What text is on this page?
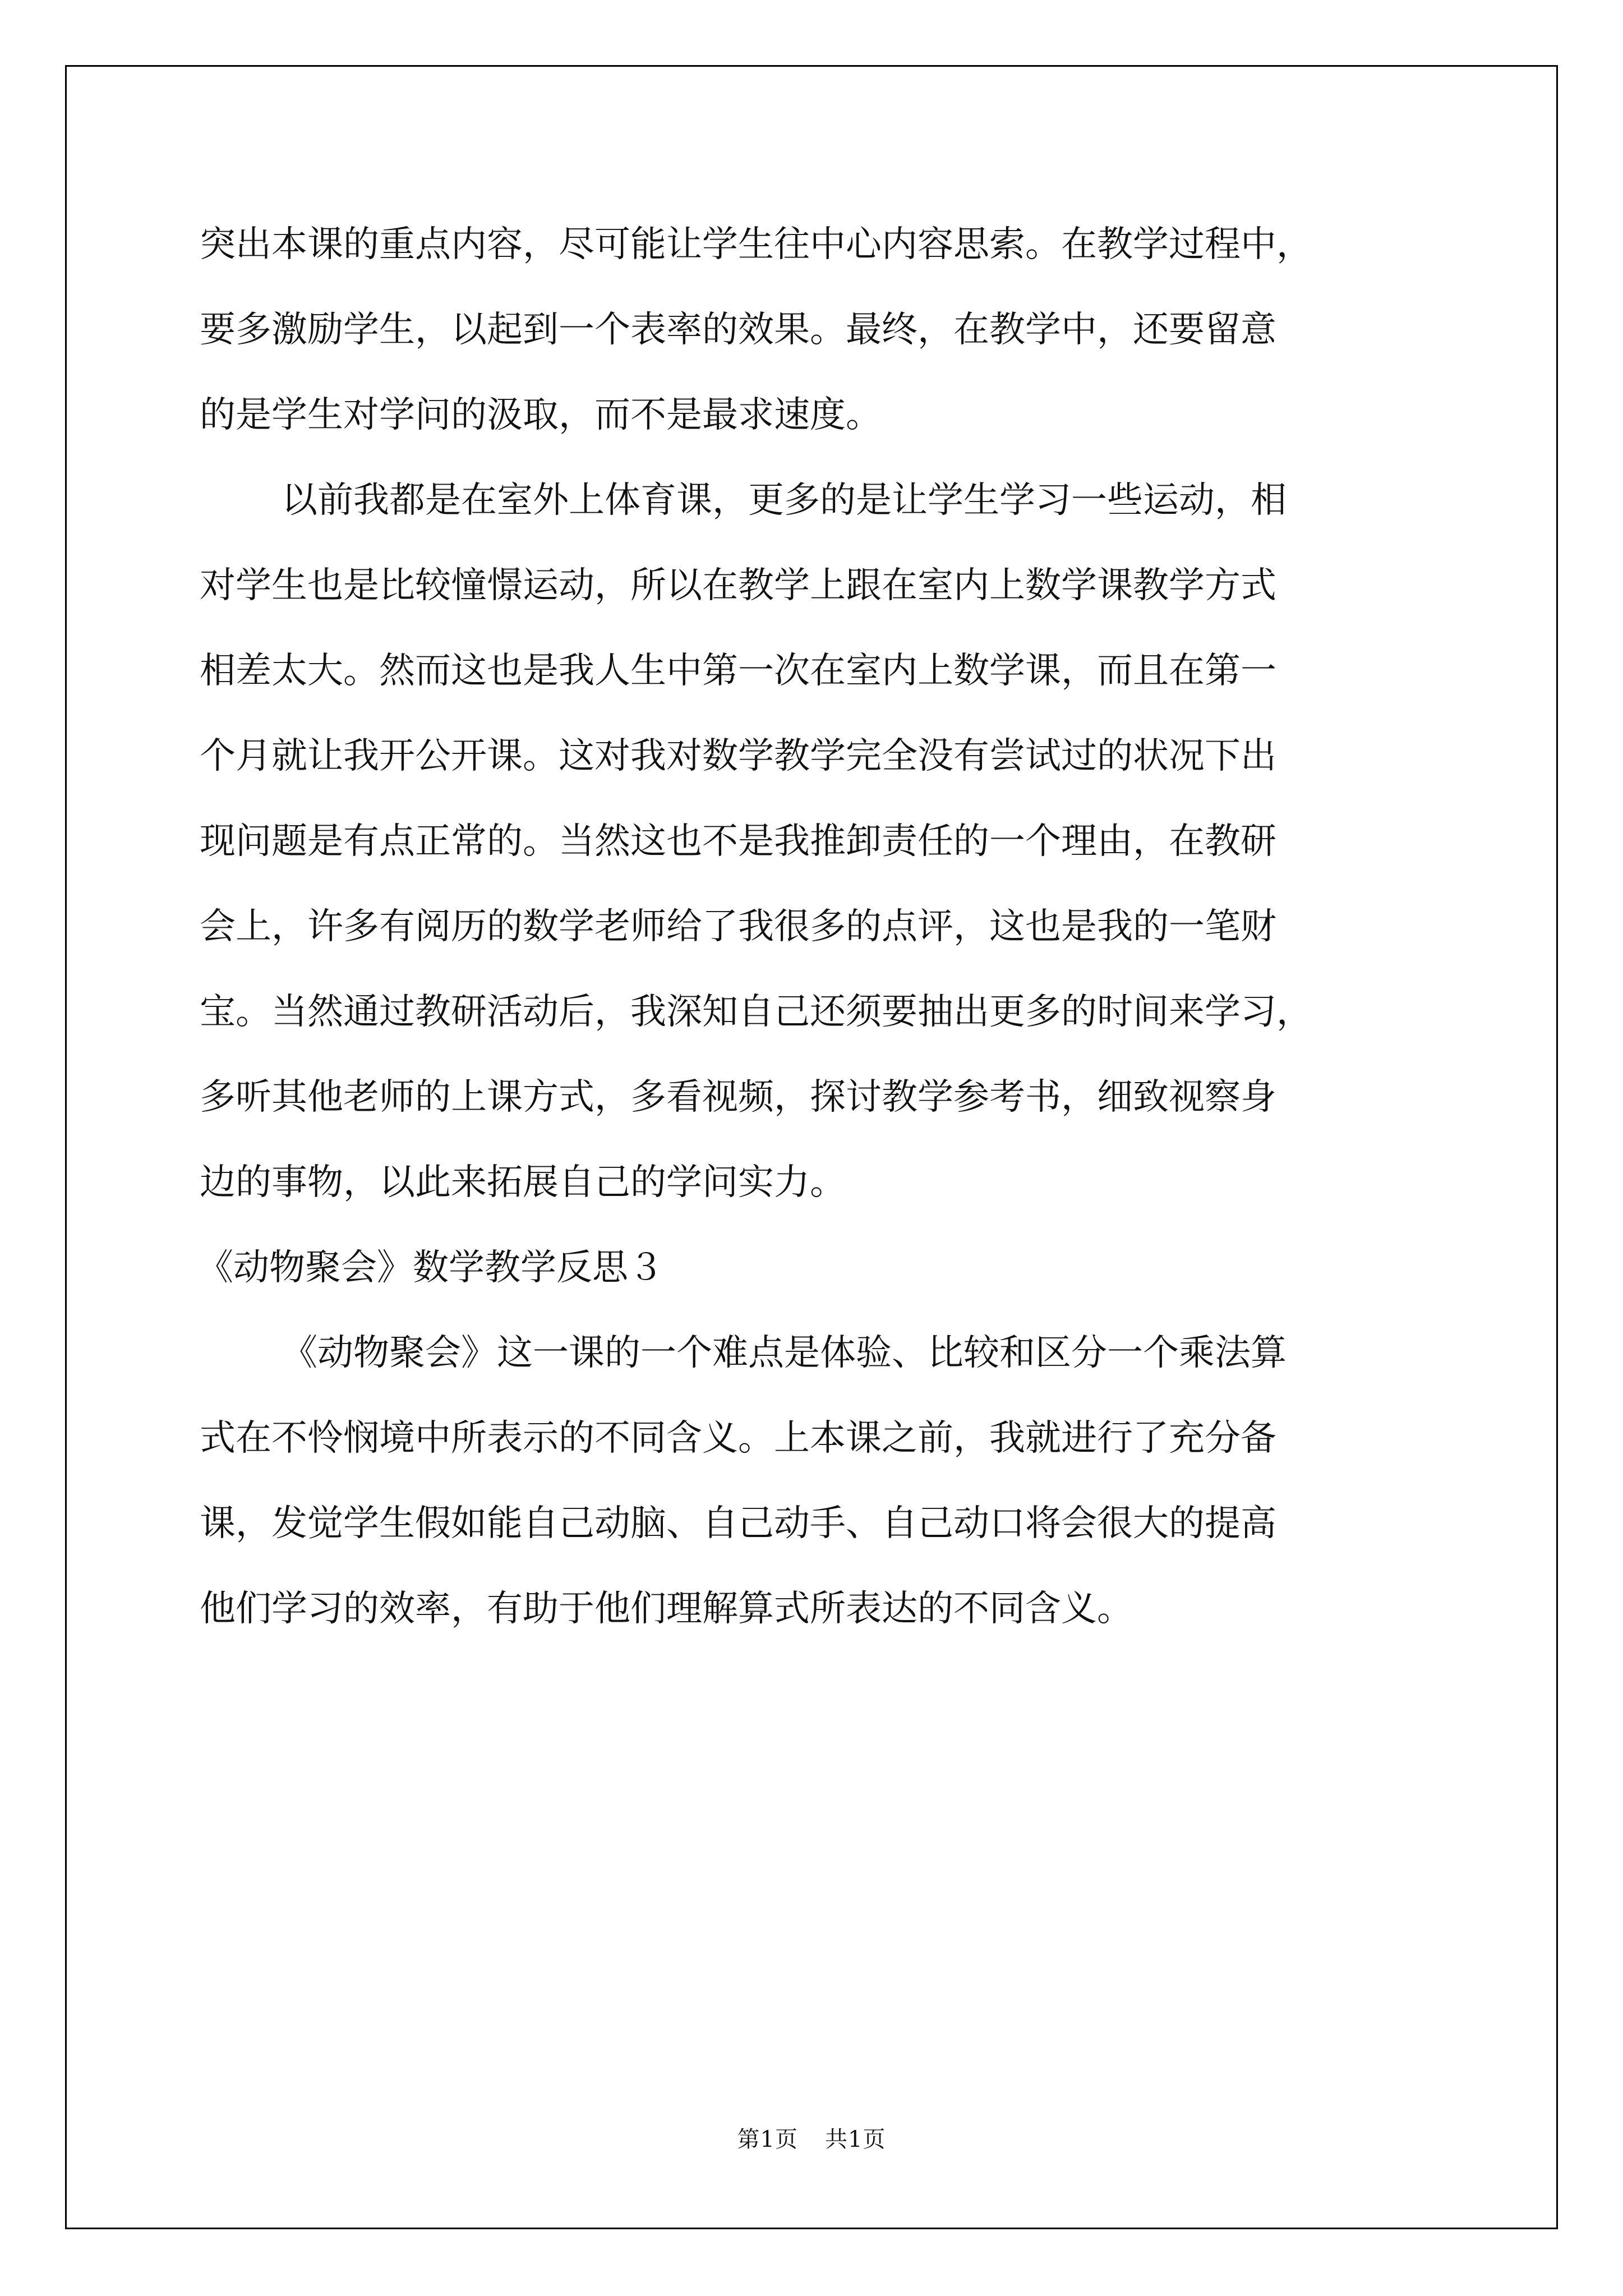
突出本课的重点内容，尽可能让学生往中心内容思索。在教学过程中，
要多激励学生，以起到一个表率的效果。最终，在教学中，还要留意
的是学生对学问的汲取，而不是最求速度。
以前我都是在室外上体育课，更多的是让学生学习一些运动，相
对学生也是比较憧憬运动，所以在教学上跟在室内上数学课教学方式
相差太大。然而这也是我人生中第一次在室内上数学课，而且在第一
个月就让我开公开课。这对我对数学教学完全没有尝试过的状况下出
现问题是有点正常的。当然这也不是我推卸责任的一个理由，在教研
会上，许多有阅历的数学老师给了我很多的点评，这也是我的一笔财
宝。当然通过教研活动后，我深知自己还须要抽出更多的时间来学习，
多听其他老师的上课方式，多看视频，探讨教学参考书，细致视察身
边的事物，以此来拓展自己的学问实力。
《动物聚会》数学教学反思３
《动物聚会》这一课的一个难点是体验、比较和区分一个乘法算
式在不怜悯境中所表示的不同含义。上本课之前，我就进行了充分备
课，发觉学生假如能自己动脑、自己动手、自己动口将会很大的提高
他们学习的效率，有助于他们理解算式所表达的不同含义。
第1页 共1页
